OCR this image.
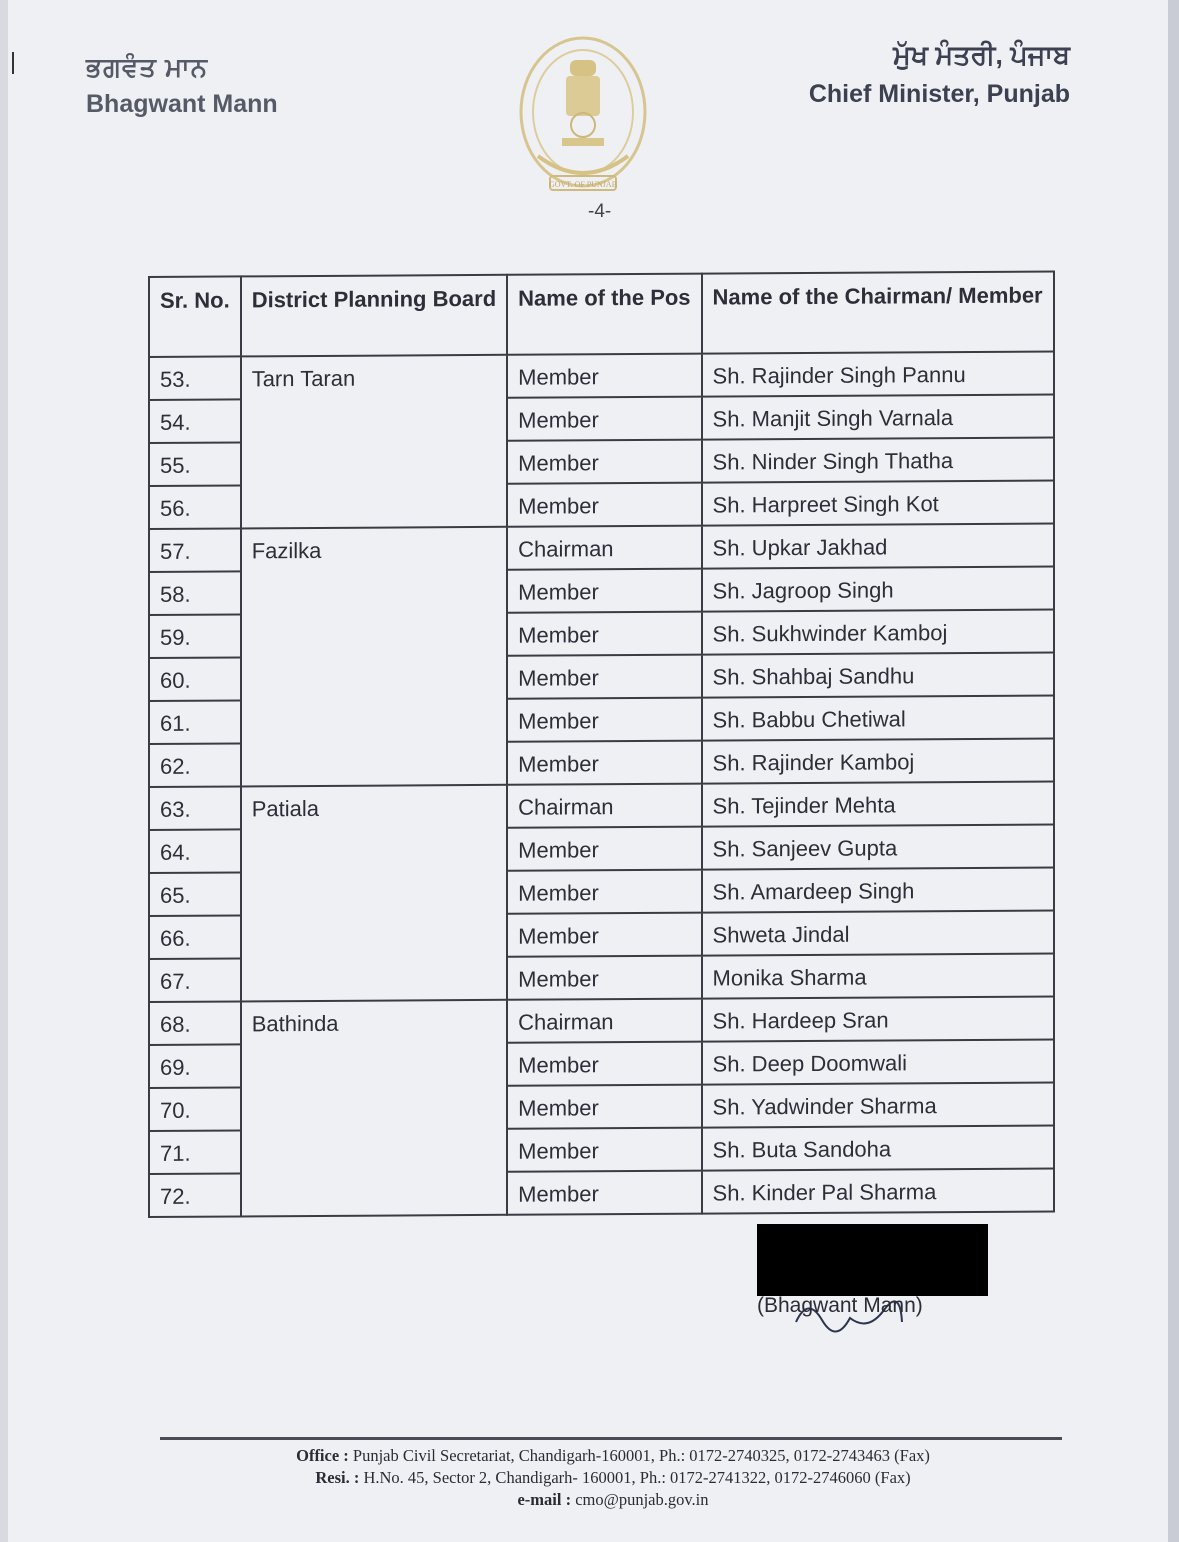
ਭਗਵੰਤ ਮਾਨ
Bhagwant Mann
GOVT. OF PUNJAB
ਮੁੱਖ ਮੰਤਰੀ, ਪੰਜਾਬ
Chief Minister, Punjab
-4-
Sr. No.	District Planning Board	Name of the Pos	Name of the Chairman/ Member
53.	Tarn Taran	Member	Sh. Rajinder Singh Pannu
54.		Member	Sh. Manjit Singh Varnala
55.		Member	Sh. Ninder Singh Thatha
56.		Member	Sh. Harpreet Singh Kot
57.	Fazilka	Chairman	Sh. Upkar Jakhad
58.		Member	Sh. Jagroop Singh
59.		Member	Sh. Sukhwinder Kamboj
60.		Member	Sh. Shahbaj Sandhu
61.		Member	Sh. Babbu Chetiwal
62.		Member	Sh. Rajinder Kamboj
63.	Patiala	Chairman	Sh. Tejinder Mehta
64.		Member	Sh. Sanjeev Gupta
65.		Member	Sh. Amardeep Singh
66.		Member	Shweta Jindal
67.		Member	Monika Sharma
68.	Bathinda	Chairman	Sh. Hardeep Sran
69.		Member	Sh. Deep Doomwali
70.		Member	Sh. Yadwinder Sharma
71.		Member	Sh. Buta Sandoha
72.		Member	Sh. Kinder Pal Sharma
(Bhagwant Mann)
Office : Punjab Civil Secretariat, Chandigarh-160001, Ph.: 0172-2740325, 0172-2743463 (Fax)
Resi. : H.No. 45, Sector 2, Chandigarh- 160001, Ph.: 0172-2741322, 0172-2746060 (Fax)
e-mail : cmo@punjab.gov.in
